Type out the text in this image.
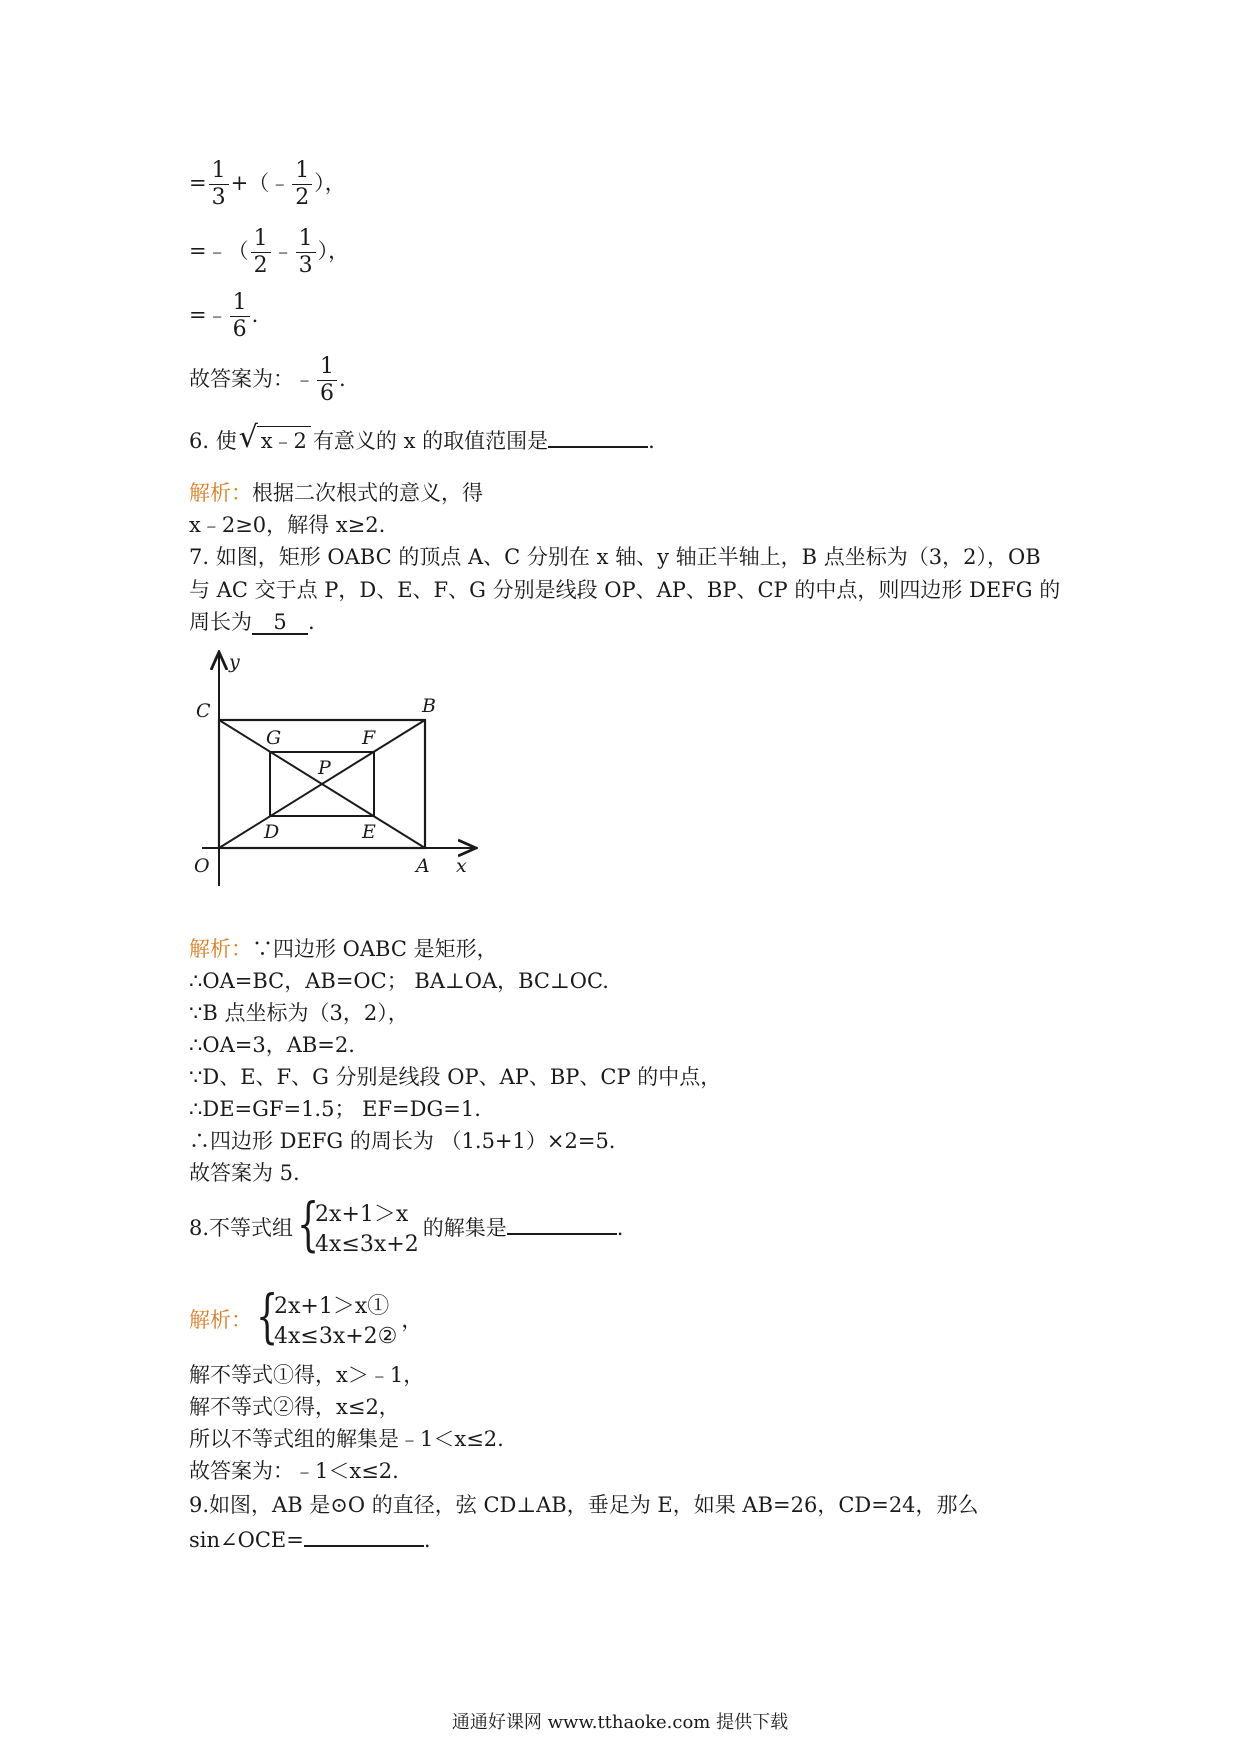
= $\frac{1}{3}$ +（﹣ $\frac{1}{2}$ ），
=﹣（ $\frac{1}{2}$ ﹣ $\frac{1}{3}$ ），
=﹣ $\frac{1}{6}$ .
故答案为：﹣ $\frac{1}{6}$ .
6. 使 √ x﹣2 有意义的 x 的取值范围是	.
解析：根据二次根式的意义，得
x﹣2≥0，解得 x≥2.
7. 如图，矩形 OABC 的顶点 A、C 分别在 x 轴、y 轴正半轴上，B 点坐标为（3，2），OB
与 AC 交于点 P，D、E、F、G 分别是线段 OP、AP、BP、CP 的中点，则四边形 DEFG 的
周长为 5 .
y
C	B
G	F
P
D	E
O	A x
解析：∵四边形 OABC 是矩形，
∴OA=BC，AB=OC； BA⊥OA，BC⊥OC.
∵B 点坐标为（3，2），
∴OA=3，AB=2.
∵D、E、F、G 分别是线段 OP、AP、BP、CP 的中点，
∴DE=GF=1.5； EF=DG=1.
∴四边形 DEFG 的周长为 （1.5+1）×2=5.
故答案为 5.
8.不等式组 {
2x+1＞x
4x≤3x+2
的解集是	.
解析： {
2x+1＞x①
4x≤3x+2②
，
解不等式①得，x＞﹣1，
解不等式②得，x≤2，
所以不等式组的解集是﹣1＜x≤2.
故答案为：﹣1＜x≤2.
9.如图，AB 是⊙O 的直径，弦 CD⊥AB，垂足为 E，如果 AB=26，CD=24，那么
sin∠OCE=	.
通通好课网 www.tthaoke.com 提供下载
